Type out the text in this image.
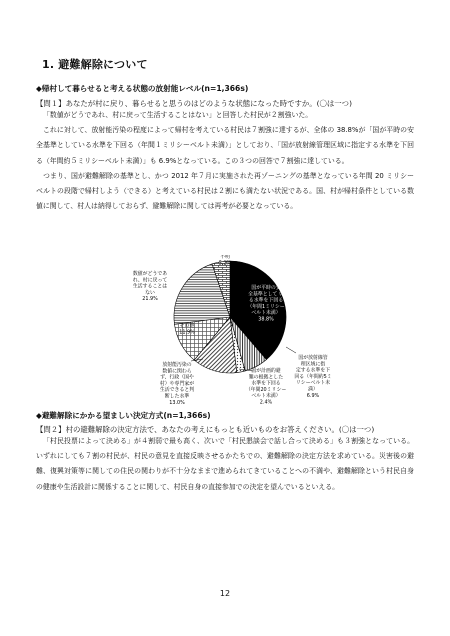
1. 避難解除について
◆帰村して暮らせると考える状態の放射能レベル(n=1,366s)
【問１】あなたが村に戻り、暮らせると思うのはどのような状態になった時ですか。(〇は一つ)

「数値がどうであれ、村に戻って生活することはない」と回答した村民が２割強いた。

これに対して、放射能汚染の程度によって帰村を考えている村民は７割強に達するが、全体の 38.8%が「国が平時の安全基準としている水準を下回る（年間１ミリシーベルト未満）」としており、「国が放射線管理区域に指定する水準を下回る（年間約５ミリシーベルト未満）」も 6.9%となっている。この３つの回答で７割強に達している。

つまり、国が避難解除の基準とし、かつ 2012 年７月に実施された再ゾーニングの基準となっている年間 20 ミリシーベルトの段階で帰村しよう（できる）と考えている村民は２割にも満たない状況である。国、村が帰村条件としている数値に関して、村人は納得しておらず、避難解除に関しては再考が必要となっている。

国が平時の安
全基準として い
る水準を下回る
（年間1ミリシー
ベルト未満）
38.8%
国が放射線管
理区域に指
定する水準を下
回る（年間約5ミ
リシーベルト未
満）
6.9%
国が計画的避
難の根拠とした
水準を下回る
（年間20ミリシー
ベルト未満）
2.4%
放射能汚染の
数値に関わら
ず、行政（国や
村）や専門家が
生活できると判
断した水準
13.0%
その他
11.9%
数値がどうであ
れ、村に戻って
生活することは
ない
21.9%
不明
5.2%
◆避難解除にかかる望ましい決定方式(n=1,366s)
【問２】村の避難解除の決定方法で、あなたの考えにもっとも近いものをお答えください。(〇は一つ)

「村民投票によって決める」が４割弱で最も高く、次いで「村民懇談会で話し合って決める」も３割強となっている。いずれにしても７割の村民が、村民の意見を直接反映させるかたちでの、避難解除の決定方法を求めている。災害後の避難、復興対策等に関しての住民の関わりが不十分なままで進められてきていることへの不満や、避難解除という村民自身の健康や生活設計に関係することに関して、村民自身の直接参加での決定を望んでいるといえる。

12
